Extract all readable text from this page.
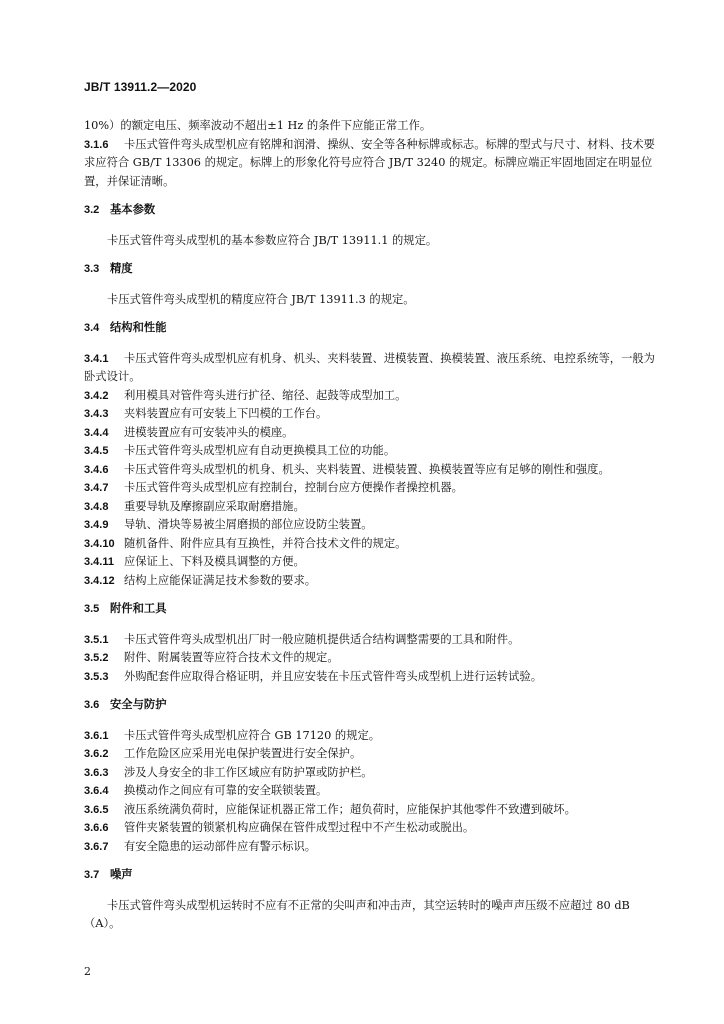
JB/T 13911.2—2020

10%）的额定电压、频率波动不超出±1 Hz 的条件下应能正常工作。

3.1.6 卡压式管件弯头成型机应有铭牌和润滑、操纵、安全等各种标牌或标志。标牌的型式与尺寸、材料、技术要求应符合 GB/T 13306 的规定。标牌上的形象化符号应符合 JB/T 3240 的规定。标牌应端正牢固地固定在明显位置，并保证清晰。

3.2 基本参数

卡压式管件弯头成型机的基本参数应符合 JB/T 13911.1 的规定。

3.3 精度

卡压式管件弯头成型机的精度应符合 JB/T 13911.3 的规定。

3.4 结构和性能

3.4.1 卡压式管件弯头成型机应有机身、机头、夹料装置、进模装置、换模装置、液压系统、电控系统等，一般为卧式设计。

3.4.2 利用模具对管件弯头进行扩径、缩径、起鼓等成型加工。

3.4.3 夹料装置应有可安装上下凹模的工作台。

3.4.4 进模装置应有可安装冲头的模座。

3.4.5 卡压式管件弯头成型机应有自动更换模具工位的功能。

3.4.6 卡压式管件弯头成型机的机身、机头、夹料装置、进模装置、换模装置等应有足够的刚性和强度。

3.4.7 卡压式管件弯头成型机应有控制台，控制台应方便操作者操控机器。

3.4.8 重要导轨及摩擦副应采取耐磨措施。

3.4.9 导轨、滑块等易被尘屑磨损的部位应设防尘装置。

3.4.10 随机备件、附件应具有互换性，并符合技术文件的规定。

3.4.11 应保证上、下料及模具调整的方便。

3.4.12 结构上应能保证满足技术参数的要求。

3.5 附件和工具

3.5.1 卡压式管件弯头成型机出厂时一般应随机提供适合结构调整需要的工具和附件。

3.5.2 附件、附属装置等应符合技术文件的规定。

3.5.3 外购配套件应取得合格证明，并且应安装在卡压式管件弯头成型机上进行运转试验。

3.6 安全与防护

3.6.1 卡压式管件弯头成型机应符合 GB 17120 的规定。

3.6.2 工作危险区应采用光电保护装置进行安全保护。

3.6.3 涉及人身安全的非工作区域应有防护罩或防护栏。

3.6.4 换模动作之间应有可靠的安全联锁装置。

3.6.5 液压系统满负荷时，应能保证机器正常工作；超负荷时，应能保护其他零件不致遭到破坏。

3.6.6 管件夹紧装置的锁紧机构应确保在管件成型过程中不产生松动或脱出。

3.6.7 有安全隐患的运动部件应有警示标识。

3.7 噪声

卡压式管件弯头成型机运转时不应有不正常的尖叫声和冲击声，其空运转时的噪声声压级不应超过 80 dB（A）。

2
